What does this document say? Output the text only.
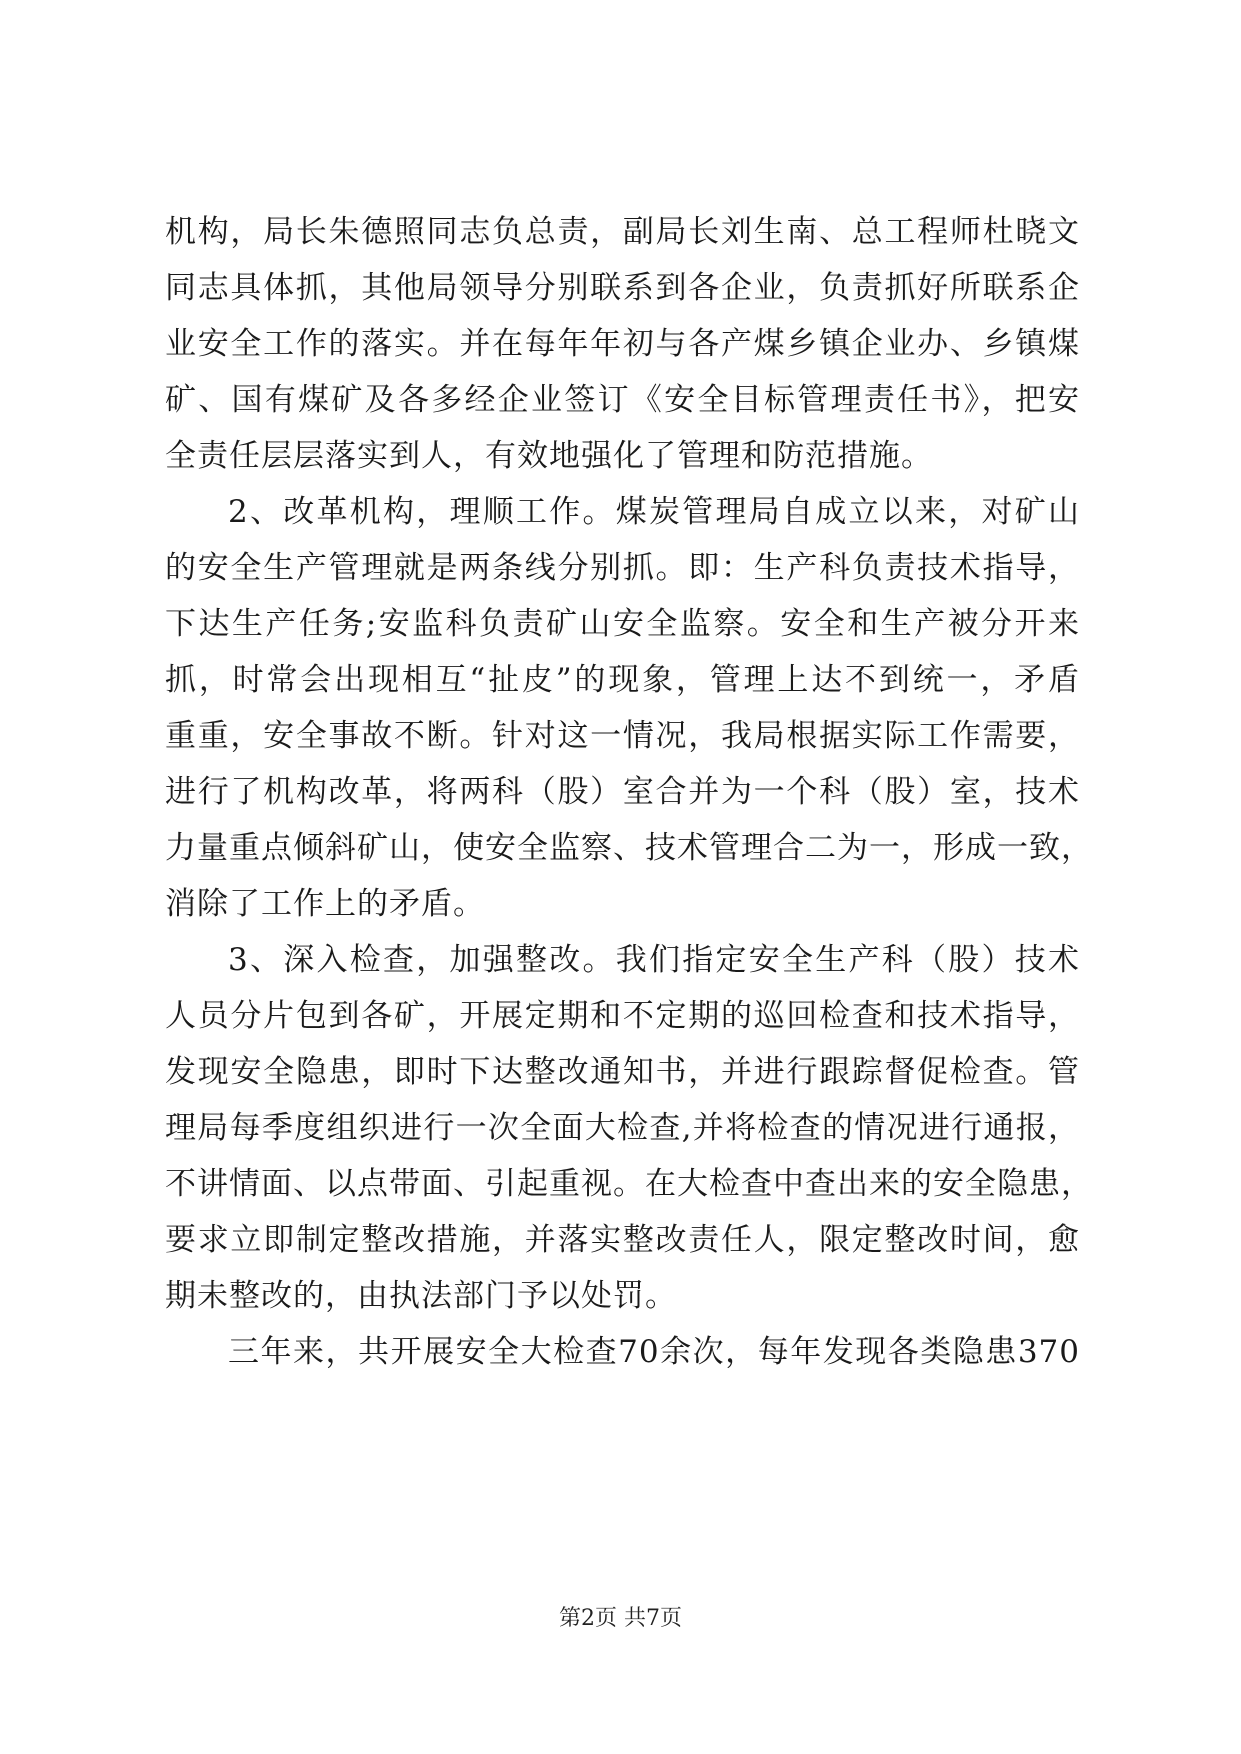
机构，局长朱德照同志负总责，副局长刘生南、总工程师杜晓文
同志具体抓，其他局领导分别联系到各企业，负责抓好所联系企
业安全工作的落实。并在每年年初与各产煤乡镇企业办、乡镇煤
矿、国有煤矿及各多经企业签订《安全目标管理责任书》，把安
全责任层层落实到人，有效地强化了管理和防范措施。
2、改革机构，理顺工作。煤炭管理局自成立以来，对矿山
的安全生产管理就是两条线分别抓。即：生产科负责技术指导，
下达生产任务;安监科负责矿山安全监察。安全和生产被分开来
抓，时常会出现相互“扯皮”的现象，管理上达不到统一，矛盾
重重，安全事故不断。针对这一情况，我局根据实际工作需要，
进行了机构改革，将两科（股）室合并为一个科（股）室，技术
力量重点倾斜矿山，使安全监察、技术管理合二为一，形成一致，
消除了工作上的矛盾。
3、深入检查，加强整改。我们指定安全生产科（股）技术
人员分片包到各矿，开展定期和不定期的巡回检查和技术指导，
发现安全隐患，即时下达整改通知书，并进行跟踪督促检查。管
理局每季度组织进行一次全面大检查,并将检查的情况进行通报，
不讲情面、以点带面、引起重视。在大检查中查出来的安全隐患，
要求立即制定整改措施，并落实整改责任人，限定整改时间，愈
期未整改的，由执法部门予以处罚。
三年来，共开展安全大检查70余次，每年发现各类隐患370
第2页 共7页
